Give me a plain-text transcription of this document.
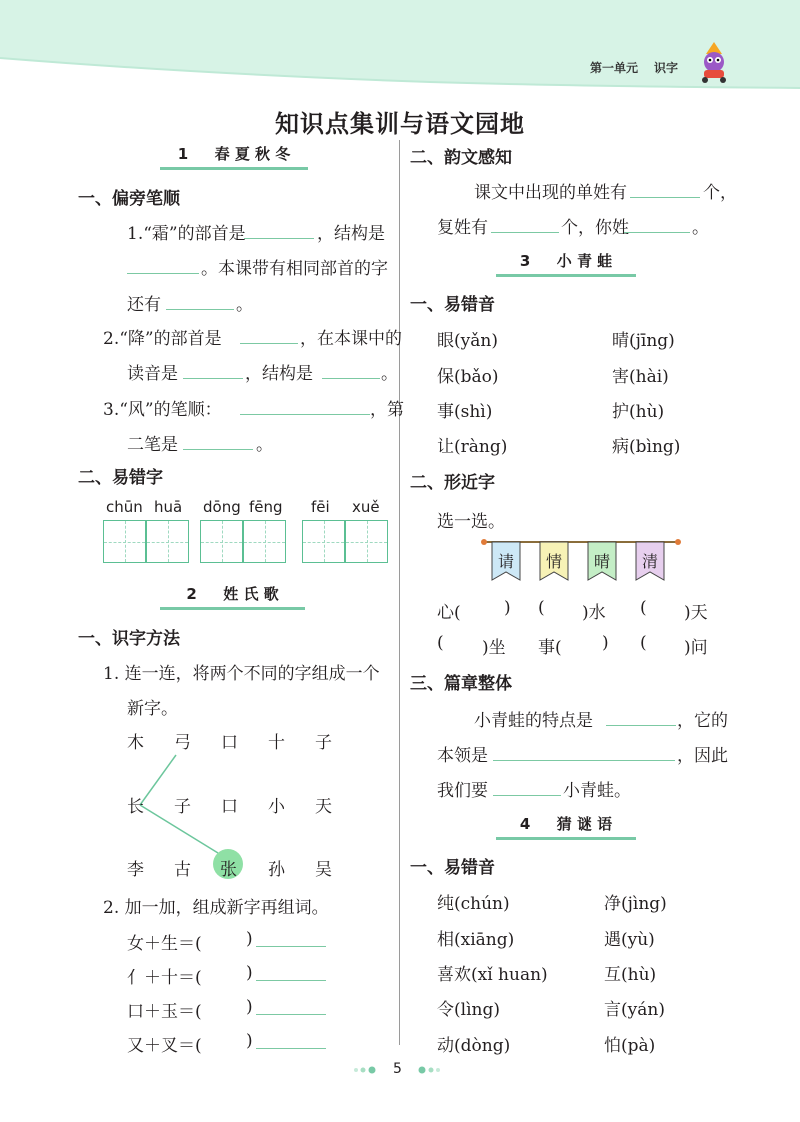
第一单元 识字
知识点集训与语文园地
1 春 夏 秋 冬
一、偏旁笔顺
1.“霜”的部首是	，结构是
。本课带有相同部首的字
还有	。
2.“降”的部首是	，在本课中的
读音是	，结构是	。
3.“风”的笔顺：	，第
二笔是	。
二、易错字
chūn huā dōng fēng fēi xuě
2 姓 氏 歌
一、识字方法
1. 连一连，将两个不同的字组成一个
新字。
木 弓 口 十 子
长 子 口 小 天
李 古 张 孙 吴
2. 加一加，组成新字再组词。
女＋生＝(	)
亻＋十＝(	)
口＋玉＝(	)
又＋叉＝(	)
二、韵文感知
课文中出现的单姓有	个，
复姓有	个，你姓	。
3 小 青 蛙
一、易错音
眼(yǎn)	晴(jīng)
保(bǎo)	害(hài)
事(shì)	护(hù)
让(ràng)	病(bìng)
二、形近字
选一选。
请 情 晴 清
心(	) ( )水 ( )天
( )坐 事( ) ( )问
三、篇章整体
小青蛙的特点是	，它的
本领是	，因此
我们要	小青蛙。
4 猜 谜 语
一、易错音
纯(chún)	净(jìng)
相(xiāng)	遇(yù)
喜欢(xǐ huan)	互(hù)
令(lìng)	言(yán)
动(dòng)	怕(pà)
5
